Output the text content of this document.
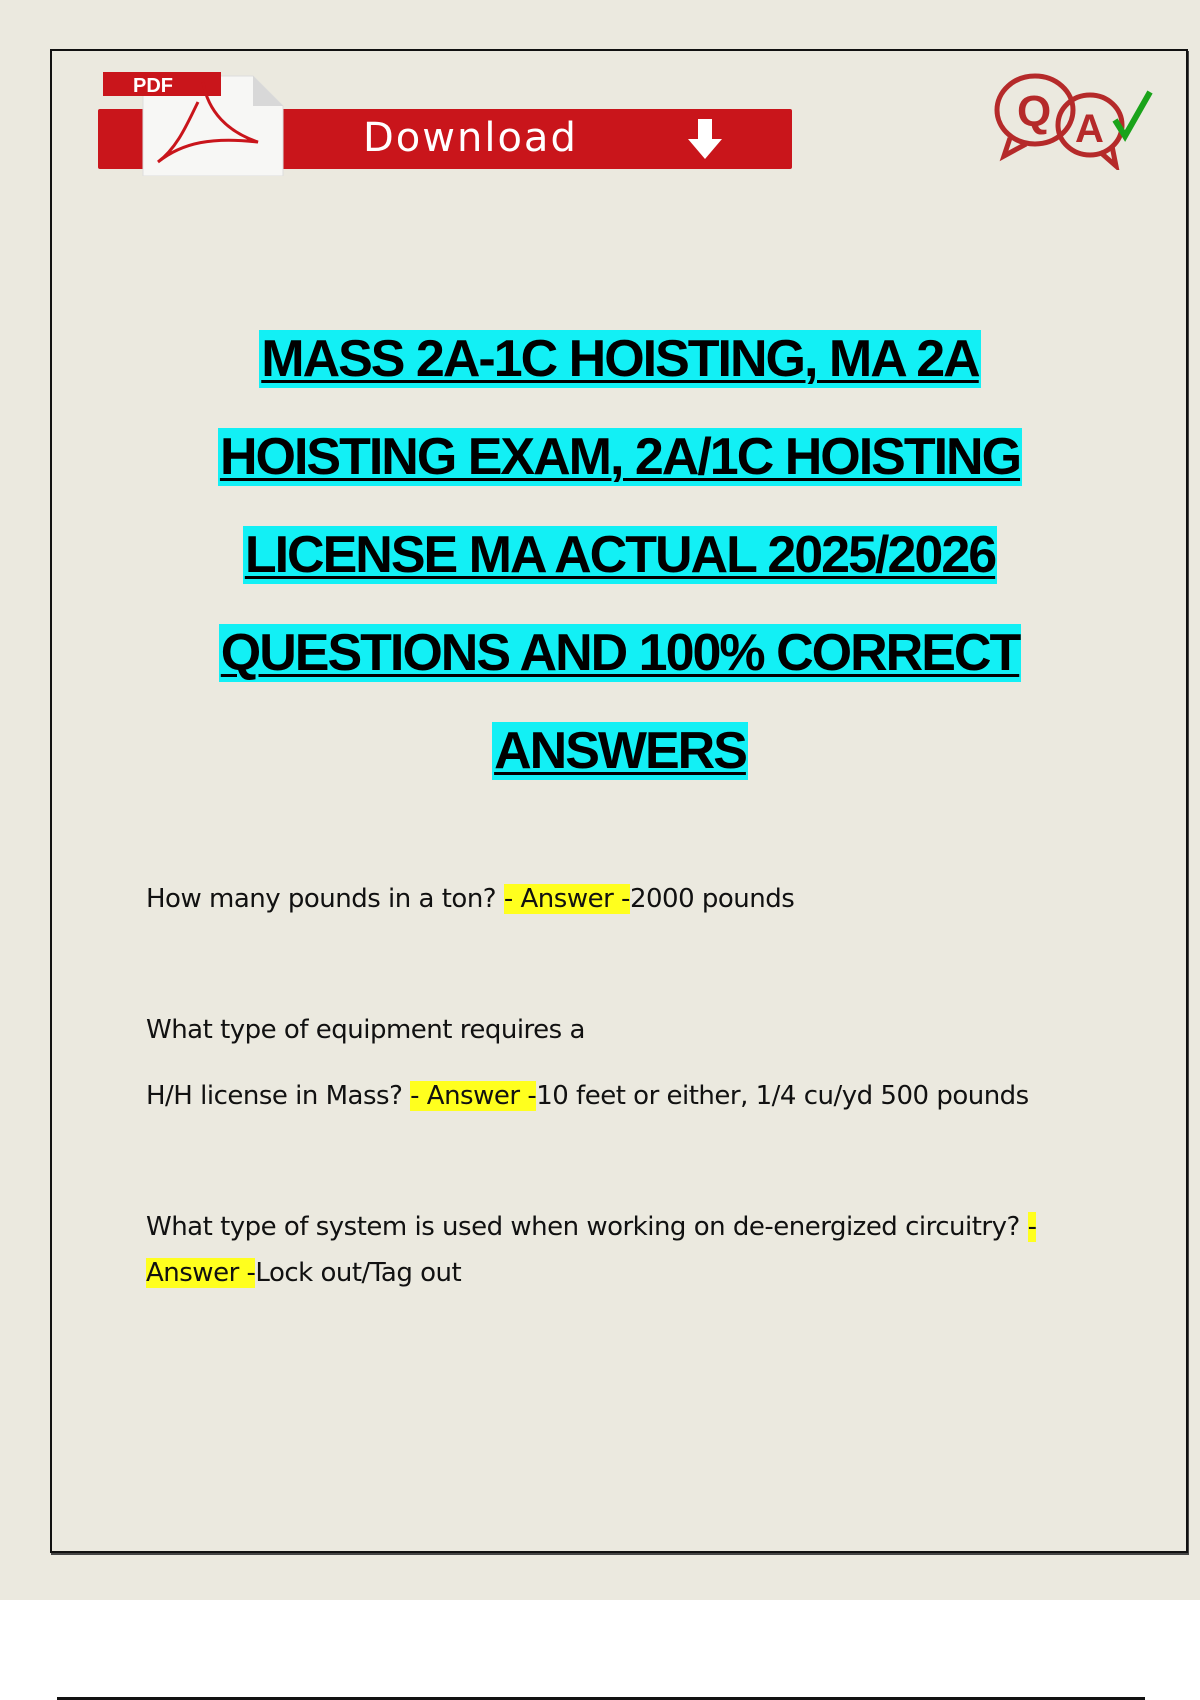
Download
PDF
Q A
MASS 2A-1C HOISTING, MA 2A
HOISTING EXAM, 2A/1C HOISTING
LICENSE MA ACTUAL 2025/2026
QUESTIONS AND 100% CORRECT
ANSWERS
How many pounds in a ton? - Answer -2000 pounds
What type of equipment requires a
H/H license in Mass? - Answer -10 feet or either, 1/4 cu/yd 500 pounds
What type of system is used when working on de-energized circuitry? -
Answer -Lock out/Tag out
